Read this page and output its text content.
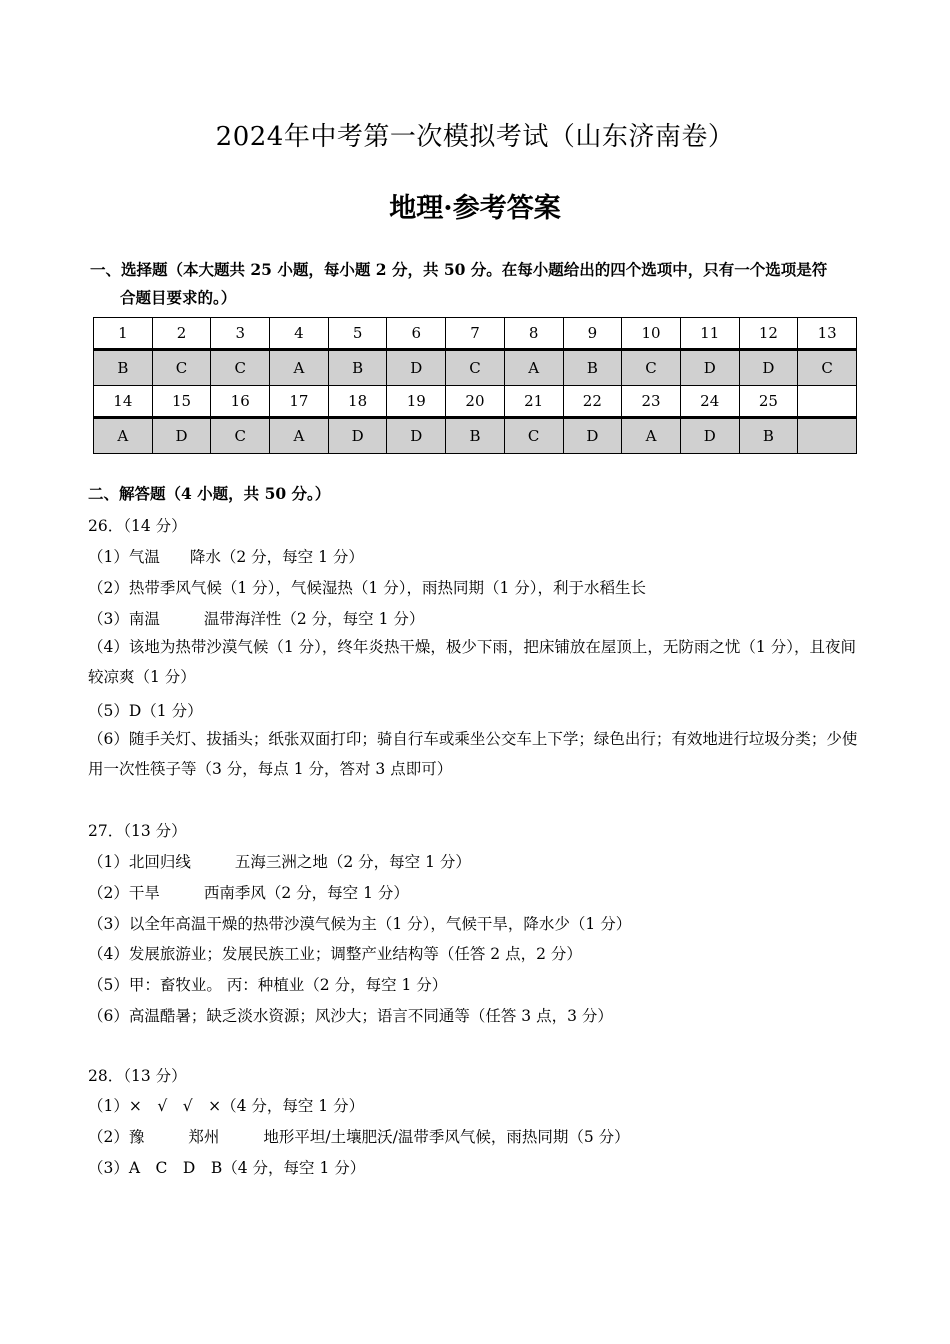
2024年中考第一次模拟考试（山东济南卷）
地理·参考答案
一、选择题（本大题共 25 小题，每小题 2 分，共 50 分。在每小题给出的四个选项中，只有一个选项是符
合题目要求的。）
1	2	3	4	5	6	7	8	9	10	11	12	13
B	C	C	A	B	D	C	A	B	C	D	D	C
14	15	16	17	18	19	20	21	22	23	24	25	
A	D	C	A	D	D	B	C	D	A	D	B	
二、解答题（4 小题，共 50 分。）
26．（14 分）
（1）气温 降水（2 分，每空 1 分）
（2）热带季风气候（1 分），气候湿热（1 分），雨热同期（1 分），利于水稻生长
（3）南温	温带海洋性（2 分，每空 1 分）
（4）该地为热带沙漠气候（1 分），终年炎热干燥，极少下雨，把床铺放在屋顶上，无防雨之忧（1 分），且夜间较凉爽（1 分）
（5）D（1 分）
（6）随手关灯、拔插头；纸张双面打印；骑自行车或乘坐公交车上下学；绿色出行；有效地进行垃圾分类；少使用一次性筷子等（3 分，每点 1 分，答对 3 点即可）
27．（13 分）
（1）北回归线	五海三洲之地（2 分，每空 1 分）
（2）干旱	西南季风（2 分，每空 1 分）
（3）以全年高温干燥的热带沙漠气候为主（1 分），气候干旱，降水少（1 分）
（4）发展旅游业；发展民族工业；调整产业结构等（任答 2 点，2 分）
（5）甲：畜牧业。 丙：种植业（2 分，每空 1 分）
（6）高温酷暑；缺乏淡水资源；风沙大；语言不同通等（任答 3 点，3 分）
28．（13 分）
（1）×　√　√　×（4 分，每空 1 分）
（2）豫	郑州	地形平坦/土壤肥沃/温带季风气候，雨热同期（5 分）
（3）A　C　D　B（4 分，每空 1 分）
